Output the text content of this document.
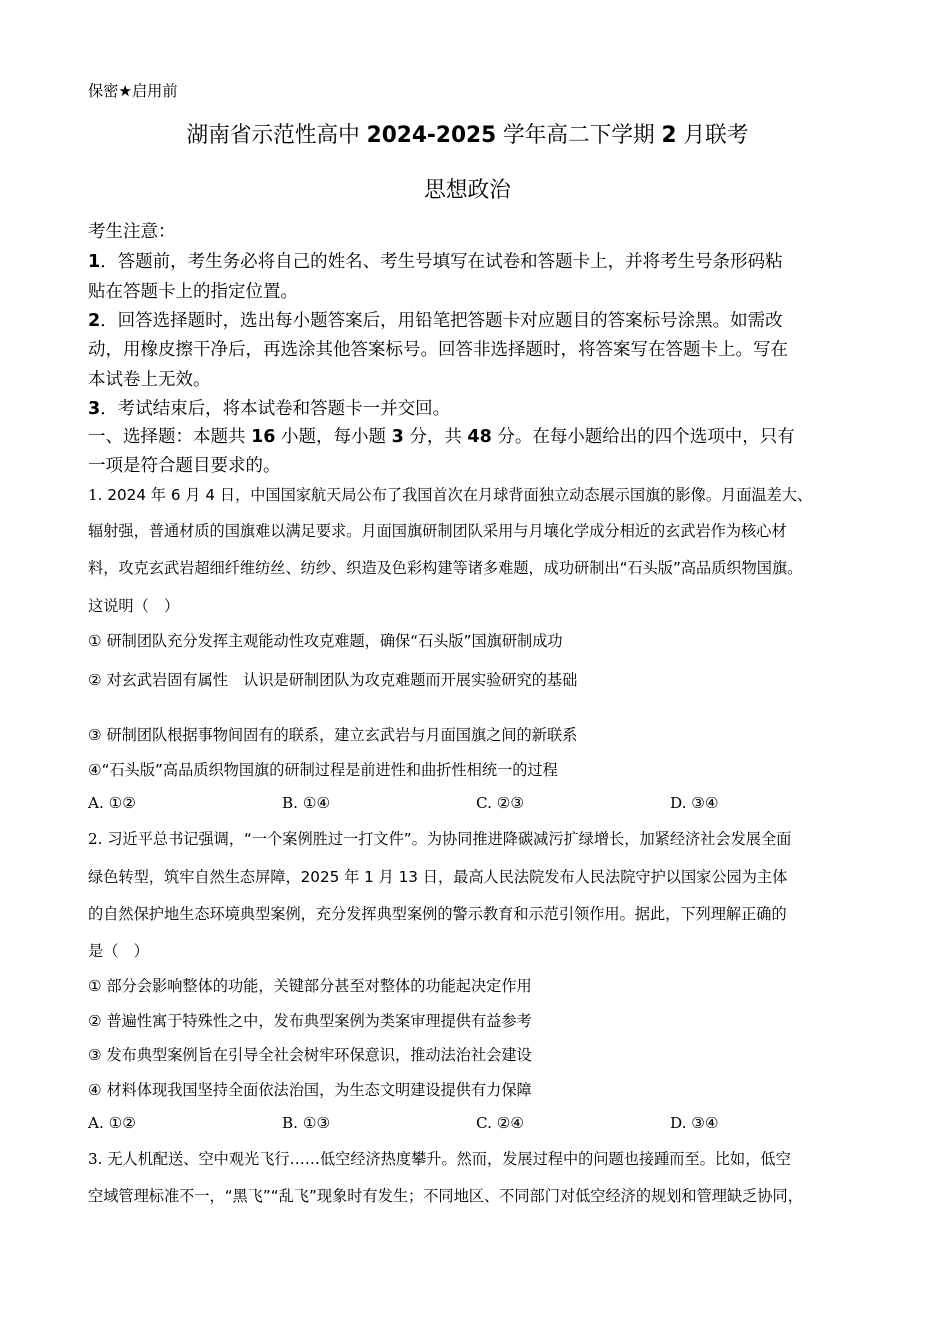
保密★启用前
湖南省示范性高中 2024-2025 学年高二下学期 2 月联考
思想政治
考生注意：
1．答题前，考生务必将自己的姓名、考生号填写在试卷和答题卡上，并将考生号条形码粘
贴在答题卡上的指定位置。
2．回答选择题时，选出每小题答案后，用铅笔把答题卡对应题目的答案标号涂黑。如需改
动，用橡皮擦干净后，再选涂其他答案标号。回答非选择题时，将答案写在答题卡上。写在
本试卷上无效。
3．考试结束后，将本试卷和答题卡一并交回。
一、选择题：本题共 16 小题，每小题 3 分，共 48 分。在每小题给出的四个选项中，只有
一项是符合题目要求的。
1. 2024 年 6 月 4 日，中国国家航天局公布了我国首次在月球背面独立动态展示国旗的影像。月面温差大、
辐射强，普通材质的国旗难以满足要求。月面国旗研制团队采用与月壤化学成分相近的玄武岩作为核心材
料，攻克玄武岩超细纤维纺丝、纺纱、织造及色彩构建等诸多难题，成功研制出“石头版”高品质织物国旗。
这说明（　）
① 研制团队充分发挥主观能动性攻克难题，确保“石头版”国旗研制成功
② 对玄武岩固有属性　认识是研制团队为攻克难题而开展实验研究的基础
③ 研制团队根据事物间固有的联系，建立玄武岩与月面国旗之间的新联系
④“石头版”高品质织物国旗的研制过程是前进性和曲折性相统一的过程
A. ①②	B. ①④	C. ②③	D. ③④
2. 习近平总书记强调，“一个案例胜过一打文件”。为协同推进降碳减污扩绿增长，加紧经济社会发展全面
绿色转型，筑牢自然生态屏障，2025 年 1 月 13 日，最高人民法院发布人民法院守护以国家公园为主体
的自然保护地生态环境典型案例，充分发挥典型案例的警示教育和示范引领作用。据此，下列理解正确的
是（　）
① 部分会影响整体的功能，关键部分甚至对整体的功能起决定作用
② 普遍性寓于特殊性之中，发布典型案例为类案审理提供有益参考
③ 发布典型案例旨在引导全社会树牢环保意识，推动法治社会建设
④ 材料体现我国坚持全面依法治国，为生态文明建设提供有力保障
A. ①②	B. ①③	C. ②④	D. ③④
3. 无人机配送、空中观光飞行……低空经济热度攀升。然而，发展过程中的问题也接踵而至。比如，低空
空域管理标准不一，“黑飞”“乱飞”现象时有发生；不同地区、不同部门对低空经济的规划和管理缺乏协同，
